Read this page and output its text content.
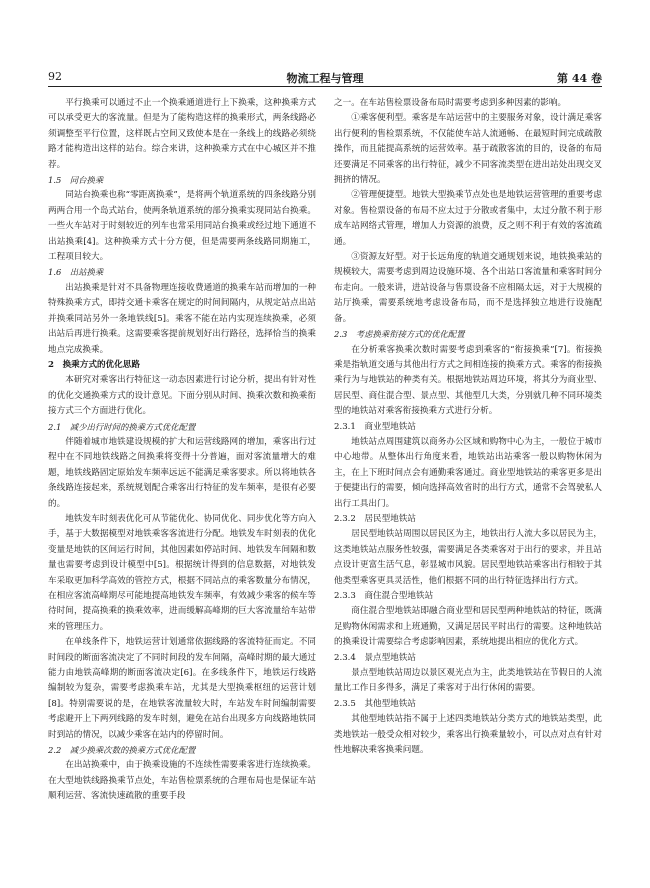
92	物流工程与管理	第 44 卷

平行换乘可以通过不止一个换乘通道进行上下换乘，这种换乘方式可以承受更大的客流量。但是为了能构造这样的换乘形式，两条线路必须调整至平行位置，这样既占空间又致使本是在一条线上的线路必须绕路才能构造出这样的站台。综合来讲，这种换乘方式在中心城区并不推荐。

1.5　同台换乘

同站台换乘也称“零距离换乘”，是将两个轨道系统的四条线路分别两两合用一个岛式站台，使两条轨道系统的部分换乘实现同站台换乘。一些火车站对于时刻较近的列车也常采用同站台换乘或经过地下通道不出站换乘[4]。这种换乘方式十分方便，但是需要两条线路同期施工，工程项目较大。

1.6　出站换乘

出站换乘是针对不具备物理连接收费通道的换乘车站而增加的一种特殊换乘方式，即持交通卡乘客在规定的时间间隔内，从规定站点出站并换乘同站另外一条地铁线[5]。乘客不能在站内实现连续换乘，必须出站后再进行换乘。这需要乘客提前规划好出行路径，选择恰当的换乘地点完成换乘。

2　换乘方式的优化思路

本研究对乘客出行特征这一动态因素进行讨论分析，提出有针对性的优化交通换乘方式的设计意见。下面分别从时间、换乘次数和换乘衔接方式三个方面进行优化。

2.1　减少出行时间的换乘方式优化配置

伴随着城市地铁建设规模的扩大和运营线路网的增加，乘客出行过程中在不同地铁线路之间换乘将变得十分普遍，面对客流量增大的难题，地铁线路固定原始发车频率远远不能满足乘客要求。所以将地铁各条线路连接起来，系统规划配合乘客出行特征的发车频率，是很有必要的。

地铁发车时刻表优化可从节能优化、协同优化、同步优化等方向入手，基于大数据模型对地铁乘客客流进行分配。地铁发车时刻表的优化变量是地铁的区间运行时间，其他因素如停站时间、地铁发车间隔和数量也需要考虑到设计模型中[5]。根据统计得到的信息数据，对地铁发车采取更加科学高效的管控方式，根据不同站点的乘客数量分布情况，在相应客流高峰期尽可能地提高地铁发车频率，有效减少乘客的候车等待时间，提高换乘的换乘效率，进而缓解高峰期的巨大客流量给车站带来的管理压力。

在单线条件下，地铁运营计划通常依据线路的客流特征而定。不同时间段的断面客流决定了不同时间段的发车间隔，高峰时期的最大通过能力由地铁高峰期的断面客流决定[6]。在多线条件下，地铁运行线路编制较为复杂，需要考虑换乘车站，尤其是大型换乘枢纽的运营计划[8]。特别需要说的是，在地铁客流量较大时，车站发车时间编制需要考虑避开上下两列线路的发车时刻，避免在站台出现多方向线路地铁同时到站的情况，以减少乘客在站内的停留时间。

2.2　减少换乘次数的换乘方式优化配置

在出站换乘中，由于换乘设施的不连续性需要乘客进行连续换乘。在大型地铁线路换乘节点处，车站售检票系统的合理布局也是保证车站顺利运营、客流快速疏散的重要手段

之一。在车站售检票设备布局时需要考虑到多种因素的影响。

①乘客便利型。乘客是车站运营中的主要服务对象，设计满足乘客出行便利的售检票系统，不仅能使车站人流通畅、在最短时间完成疏散操作，而且能提高系统的运营效率。基于疏散客流的目的，设备的布局还要满足不同乘客的出行特征，减少不同客流类型在进出站处出现交叉拥挤的情况。

②管理便捷型。地铁大型换乘节点处也是地铁运营管理的重要考虑对象。售检票设备的布局不应太过于分散或者集中，太过分散不利于形成车站网络式管理，增加人力资源的浪费，反之则不利于有效的客流疏通。

③资源友好型。对于长远角度的轨道交通规划来说，地铁换乘站的规模较大，需要考虑到周边设施环境、各个出站口客流量和乘客时间分布走向。一般来讲，进站设备与售票设备不应相隔太远，对于大规模的站厅换乘，需要系统地考虑设备布局，而不是选择独立地进行设施配备。

2.3　考虑换乘衔接方式的优化配置

在分析乘客换乘次数时需要考虑到乘客的“衔接换乘”[7]。衔接换乘是指轨道交通与其他出行方式之间相连接的换乘方式。乘客的衔接换乘行为与地铁站的种类有关。根据地铁站周边环境，将其分为商业型、居民型、商住混合型、景点型、其他型几大类，分别就几种不同环境类型的地铁站对乘客衔接换乘方式进行分析。

2.3.1　商业型地铁站

地铁站点周围建筑以商务办公区域和购物中心为主，一般位于城市中心地带。从整体出行角度来看，地铁站出站乘客一般以购物休闲为主，在上下班时间点会有通勤乘客通过。商业型地铁站的乘客更多是出于便捷出行的需要，倾向选择高效省时的出行方式，通常不会驾驶私人出行工具出门。

2.3.2　居民型地铁站

居民型地铁站周围以居民区为主，地铁出行人流大多以居民为主，这类地铁站点服务性较强，需要满足各类乘客对于出行的要求，并且站点设计更富生活气息，彰显城市风貌。居民型地铁站乘客出行相较于其他类型乘客更具灵活性，他们根据不同的出行特征选择出行方式。

2.3.3　商住混合型地铁站

商住混合型地铁站即融合商业型和居民型两种地铁站的特征，既满足购物休闲需求和上班通勤，又满足居民平时出行的需要。这种地铁站的换乘设计需要综合考虑影响因素，系统地提出相应的优化方式。

2.3.4　景点型地铁站

景点型地铁站周边以景区观光点为主，此类地铁站在节假日的人流量比工作日多得多，满足了乘客对于出行休闲的需要。

2.3.5　其他型地铁站

其他型地铁站指不属于上述四类地铁站分类方式的地铁站类型，此类地铁站一般受众相对较少，乘客出行换乘量较小，可以点对点有针对性地解决乘客换乘问题。
